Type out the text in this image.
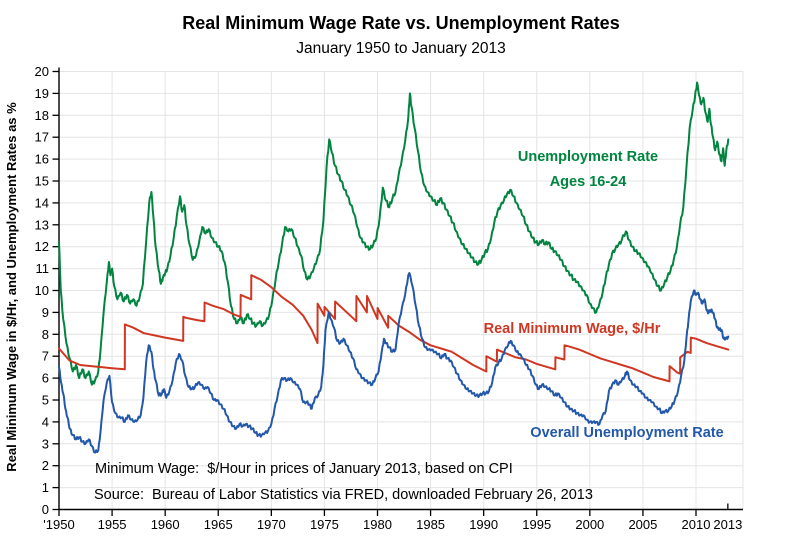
0
1
2
3
4
5
6
7
8
9
10
11
12
13
14
15
16
17
18
19
20
'1950 1955 1960 1965 1970 1975 1980 1985 1990 1995 2000 2005 2010 2013
Real Minimum Wage Rate vs. Unemployment Rates
January 1950 to January 2013
Real Minimum Wage in $/Hr, and Unemployment Rates as %	Unemployment Rate
Ages 16-24
Real Minimum Wage, $/Hr
Overall Unemployment Rate
Minimum Wage:  $/Hour in prices of January 2013, based on CPI
Source:  Bureau of Labor Statistics via FRED, downloaded February 26, 2013
